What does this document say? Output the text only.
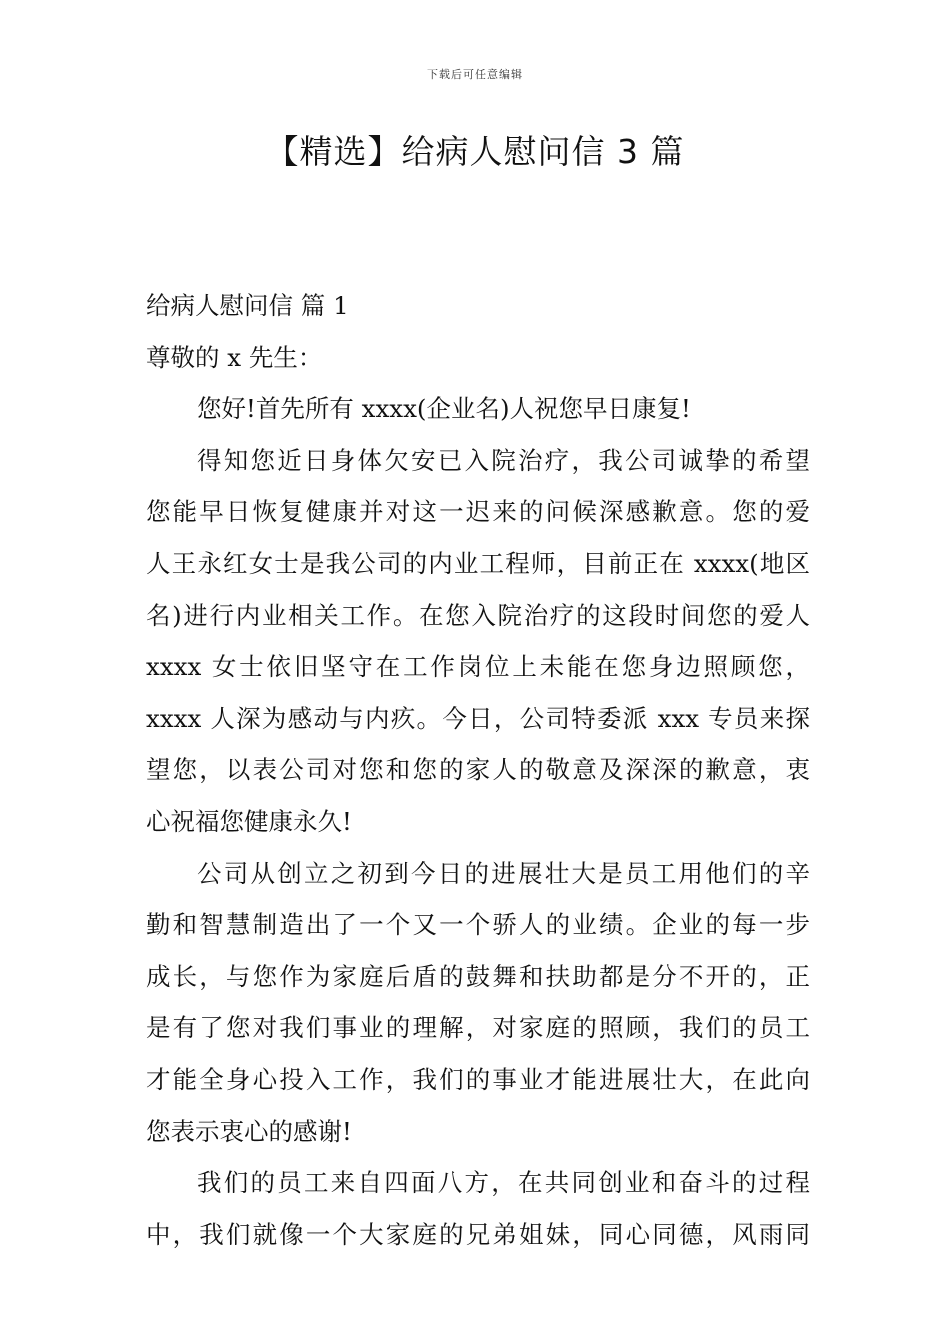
下载后可任意编辑
【精选】给病人慰问信 3 篇

给病人慰问信 篇 1

尊敬的 x 先生：

您好!首先所有 xxxx(企业名)人祝您早日康复!

得知您近日身体欠安已入院治疗，我公司诚挚的希望

您能早日恢复健康并对这一迟来的问候深感歉意。您的爱

人王永红女士是我公司的内业工程师，目前正在 xxxx(地区

名)进行内业相关工作。在您入院治疗的这段时间您的爱人

xxxx 女士依旧坚守在工作岗位上未能在您身边照顾您，

xxxx 人深为感动与内疚。今日，公司特委派 xxx 专员来探

望您，以表公司对您和您的家人的敬意及深深的歉意，衷

心祝福您健康永久!

公司从创立之初到今日的进展壮大是员工用他们的辛

勤和智慧制造出了一个又一个骄人的业绩。企业的每一步

成长，与您作为家庭后盾的鼓舞和扶助都是分不开的，正

是有了您对我们事业的理解，对家庭的照顾，我们的员工

才能全身心投入工作，我们的事业才能进展壮大，在此向

您表示衷心的感谢!

我们的员工来自四面八方，在共同创业和奋斗的过程

中，我们就像一个大家庭的兄弟姐妹，同心同德，风雨同
